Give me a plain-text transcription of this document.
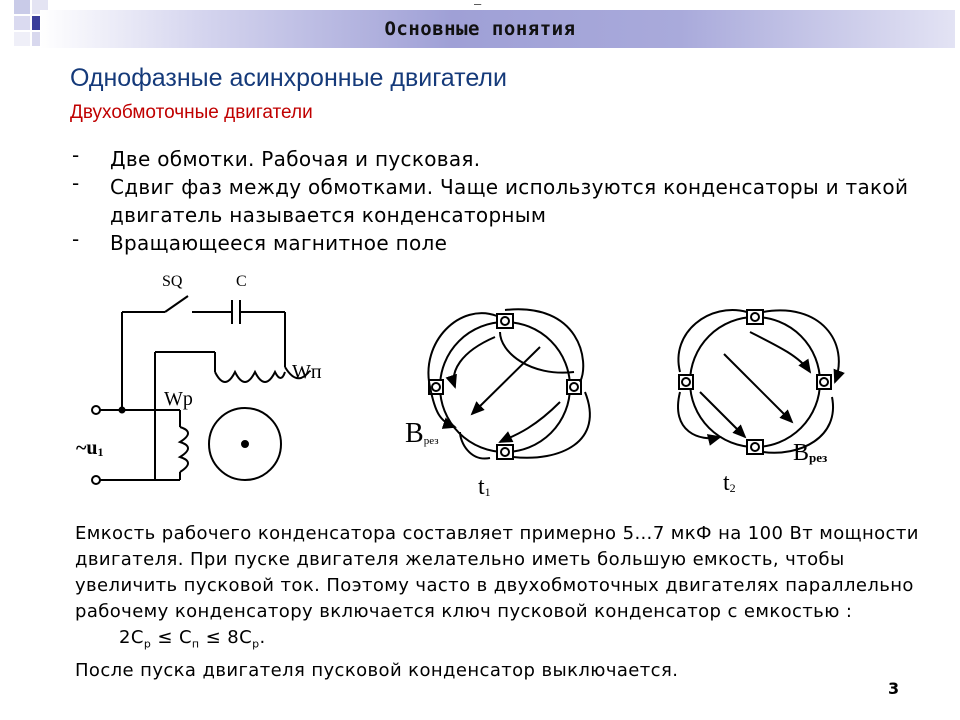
–
Основные понятия
Однофазные асинхронные двигатели
Двухобмоточные двигатели
- Две обмотки. Рабочая и пусковая.
- Сдвиг фаз между обмотками. Чаще используются конденсаторы и такой двигатель называется конденсаторным
- Вращающееся магнитное поле
SQ	C
Wп
Wр
~u1
Bрез
t1
Bрез
t2

Емкость рабочего конденсатора составляет примерно 5…7 мкФ на 100 Вт мощности двигателя. При пуске двигателя желательно иметь большую емкость, чтобы увеличить пусковой ток. Поэтому часто в двухобмоточных двигателях параллельно рабочему конденсатору включается ключ пусковой конденсатор с емкостью :

$2C_р \le C_п \le 8C_р$.

После пуска двигателя пусковой конденсатор выключается.

3
